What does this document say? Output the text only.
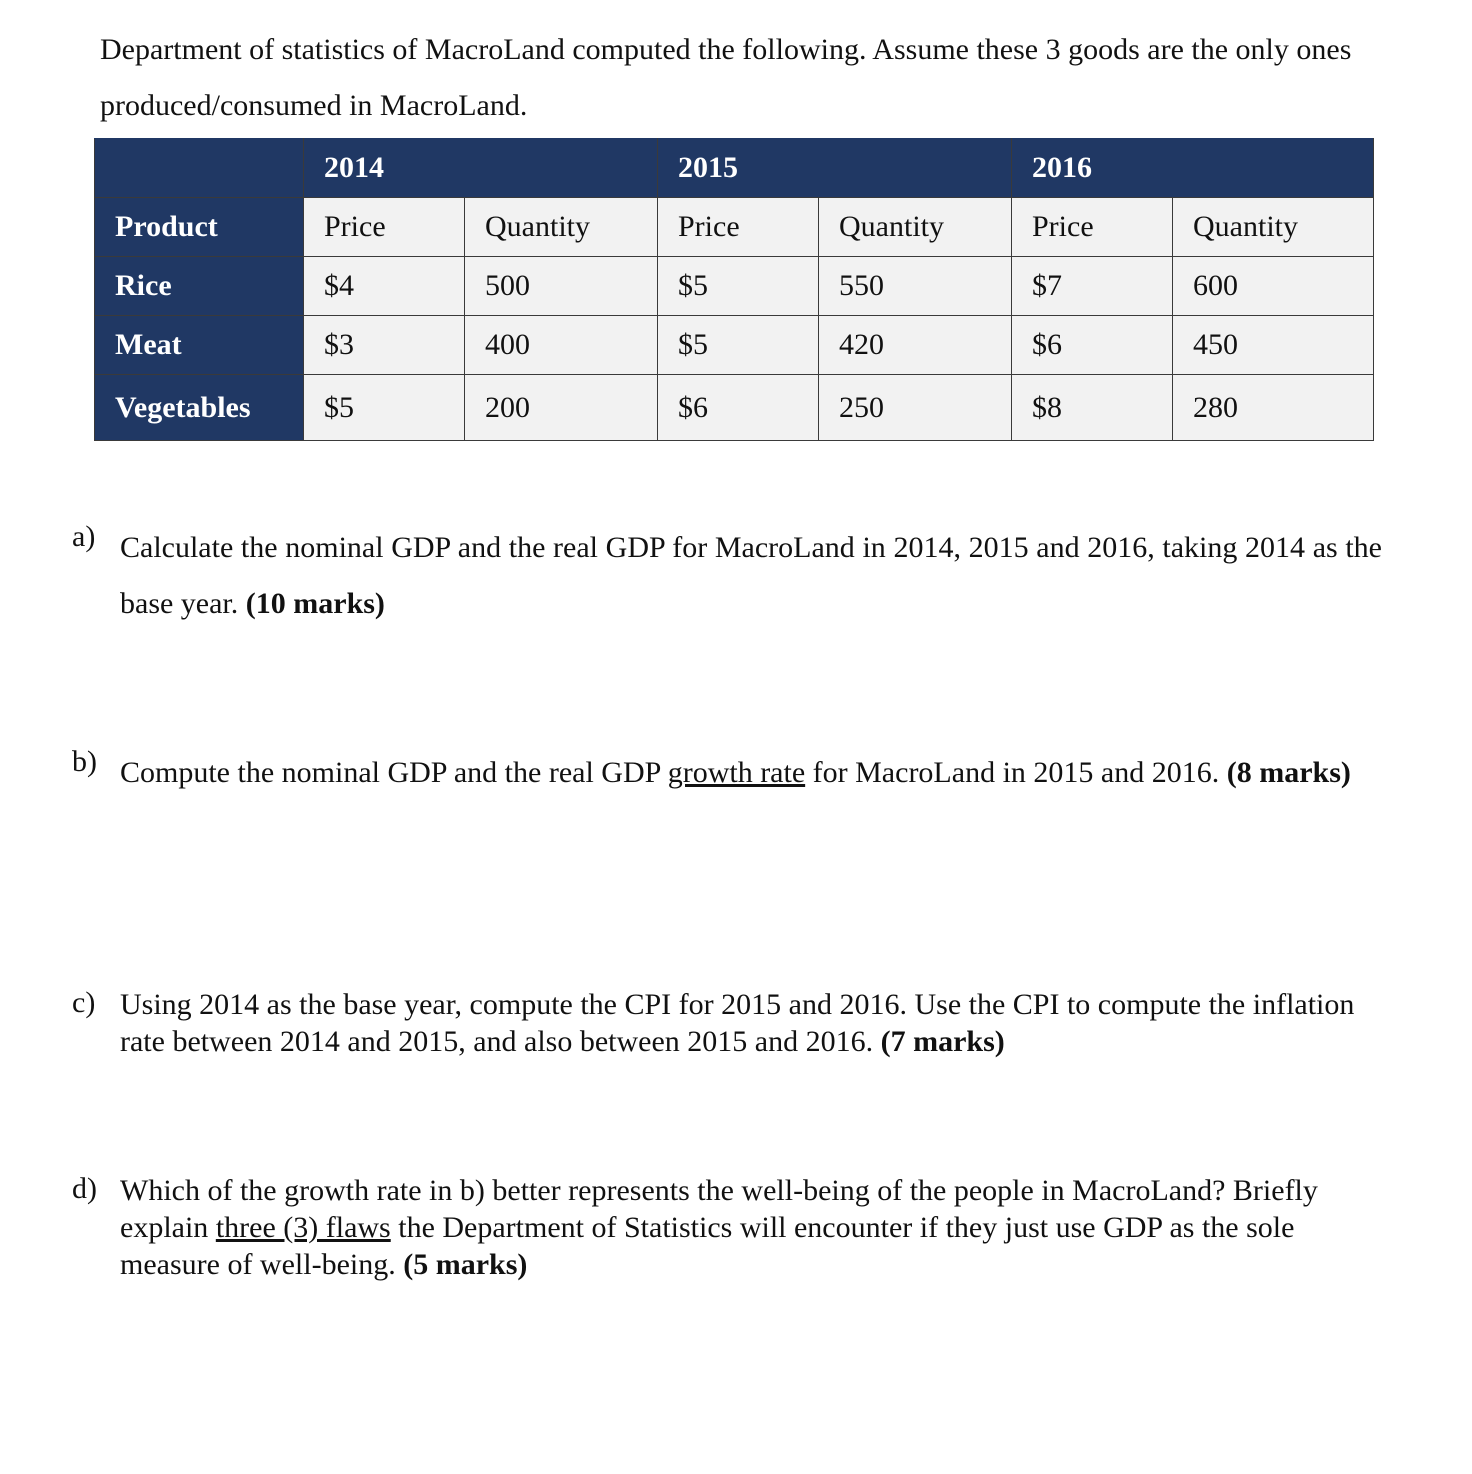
Department of statistics of MacroLand computed the following. Assume these 3 goods are the only ones produced/consumed in MacroLand.

	2014		2015		2016	
Product	Price	Quantity	Price	Quantity	Price	Quantity
Rice	$4	500	$5	550	$7	600
Meat	$3	400	$5	420	$6	450
Vegetables	$5	200	$6	250	$8	280
a) Calculate the nominal GDP and the real GDP for MacroLand in 2014, 2015 and 2016, taking 2014 as the base year. (10 marks)
b) Compute the nominal GDP and the real GDP growth rate for MacroLand in 2015 and 2016. (8 marks)
c) Using 2014 as the base year, compute the CPI for 2015 and 2016. Use the CPI to compute the inflation rate between 2014 and 2015, and also between 2015 and 2016. (7 marks)
d) Which of the growth rate in b) better represents the well-being of the people in MacroLand? Briefly explain three (3) flaws the Department of Statistics will encounter if they just use GDP as the sole measure of well-being. (5 marks)
